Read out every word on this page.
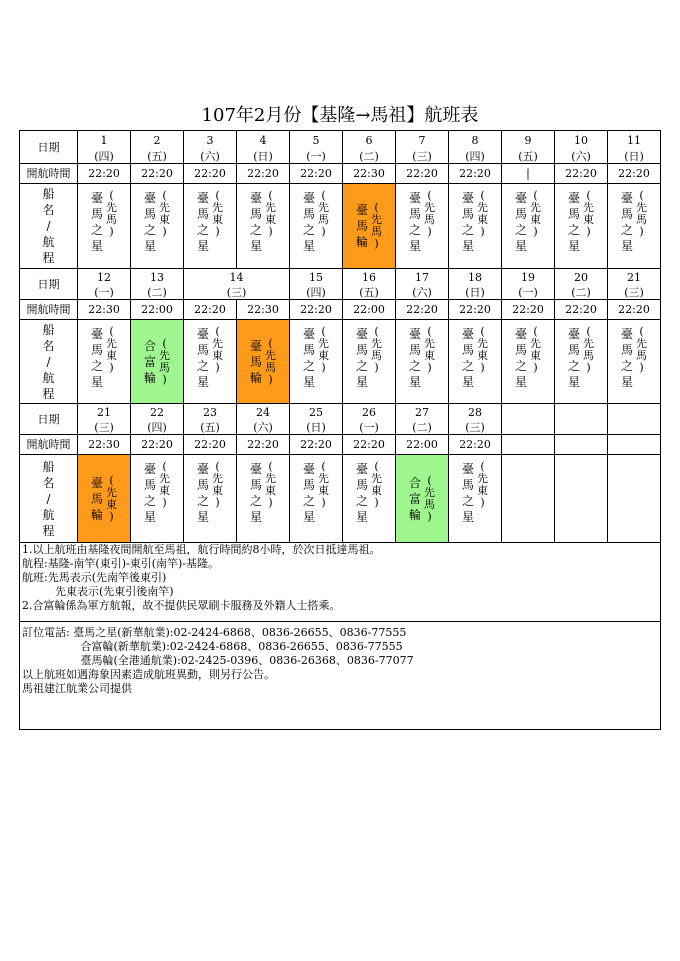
107年2月份【基隆→馬祖】航班表
日期
開航時間
船
名
/
航
程
1
(四)
22:20
(
先
馬
)
臺
馬
之
星
2
(五)
22:20
(
先
東
)
臺
馬
之
星
3
(六)
22:20
(
先
東
)
臺
馬
之
星
4
(日)
22:20
(
先
東
)
臺
馬
之
星
5
(一)
22:20
(
先
馬
)
臺
馬
之
星
6
(二)
22:30
(
先
馬
)
臺
馬
輪
7
(三)
22:20
(
先
馬
)
臺
馬
之
星
8
(四)
22:20
(
先
東
)
臺
馬
之
星
9
(五)
|
(
先
東
)
臺
馬
之
星
10
(六)
22:20
(
先
東
)
臺
馬
之
星
11
(日)
22:20
(
先
馬
)
臺
馬
之
星
日期
開航時間
船
名
/
航
程
12
(一)
22:30
(
先
東
)
臺
馬
之
星
13
(二)
22:00
(
先
馬
)
合
富
輪
14
(三)
22:20
(
先
東
)
臺
馬
之
星
22:30
(
先
馬
)
臺
馬
輪
15
(四)
22:20
(
先
東
)
臺
馬
之
星
16
(五)
22:00
(
先
馬
)
臺
馬
之
星
17
(六)
22:20
(
先
東
)
臺
馬
之
星
18
(日)
22:20
(
先
東
)
臺
馬
之
星
19
(一)
22:20
(
先
東
)
臺
馬
之
星
20
(二)
22:20
(
先
馬
)
臺
馬
之
星
21
(三)
22:20
(
先
馬
)
臺
馬
之
星
日期
開航時間
船
名
/
航
程
21
(三)
22:30
(
先
東
)
臺
馬
輪
22
(四)
22:20
(
先
東
)
臺
馬
之
星
23
(五)
22:20
(
先
東
)
臺
馬
之
星
24
(六)
22:20
(
先
東
)
臺
馬
之
星
25
(日)
22:20
(
先
東
)
臺
馬
之
星
26
(一)
22:20
(
先
東
)
臺
馬
之
星
27
(二)
22:00
(
先
馬
)
合
富
輪
28
(三)
22:20
(
先
東
)
臺
馬
之
星
1.以上航班由基隆夜間開航至馬祖，航行時間約8小時，於次日抵達馬祖。
航程:基隆-南竿(東引)-東引(南竿)-基隆。
航班:先馬表示(先南竿後東引)
　　　先東表示(先東引後南竿)
2.合富輪係為軍方航報，故不提供民眾刷卡服務及外籍人士搭乘。
訂位電話: 臺馬之星(新華航業):02-2424-6868、0836-26655、0836-77555
　　　　　 合富輪(新華航業):02-2424-6868、0836-26655、0836-77555
　　　　　 臺馬輪(全港通航業):02-2425-0396、0836-26368、0836-77077
以上航班如遇海象因素造成航班異動，則另行公告。
馬祖建江航業公司提供
